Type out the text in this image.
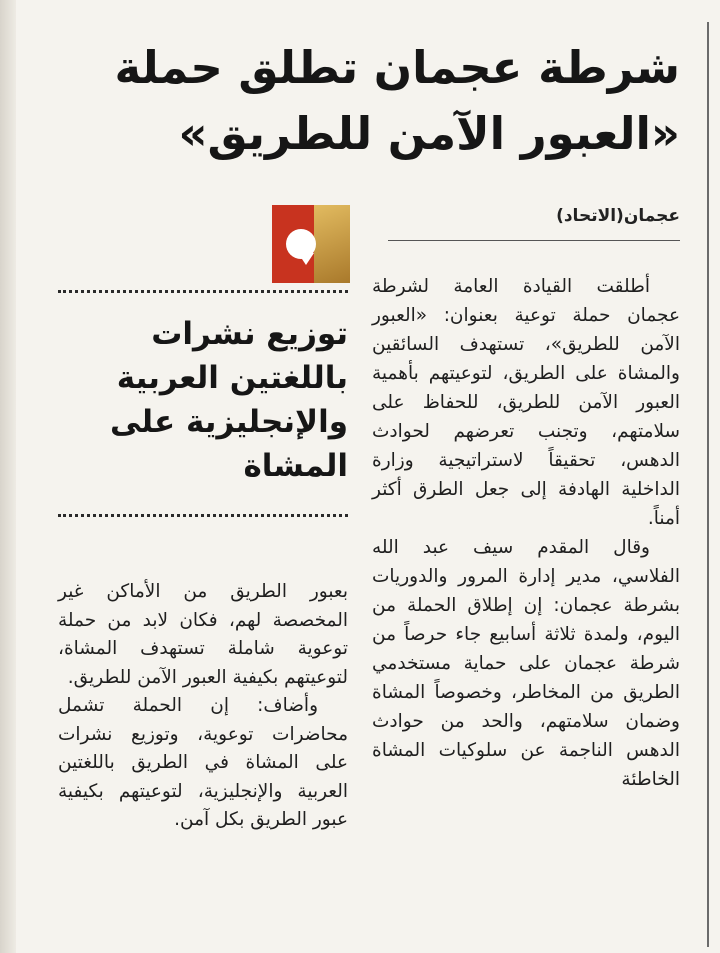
شرطة عجمان تطلق حملة
«العبور الآمن للطريق»
عجمان(الاتحاد)
توزيع نشرات
باللغتين العربية
والإنجليزية على
المشاة

أطلقت القيادة العامة لشرطة عجمان حملة توعية بعنوان: «العبور الآمن للطريق»، تستهدف السائقين والمشاة على الطريق، لتوعيتهم بأهمية العبور الآمن للطريق، للحفاظ على سلامتهم، وتجنب تعرضهم لحوادث الدهس، تحقيقاً لاستراتيجية وزارة الداخلية الهادفة إلى جعل الطرق أكثر أمناً.

وقال المقدم سيف عبد الله الفلاسي، مدير إدارة المرور والدوريات بشرطة عجمان: إن إطلاق الحملة من اليوم، ولمدة ثلاثة أسابيع جاء حرصاً من شرطة عجمان على حماية مستخدمي الطريق من المخاطر، وخصوصاً المشاة وضمان سلامتهم، والحد من حوادث الدهس الناجمة عن سلوكيات المشاة الخاطئة

بعبور الطريق من الأماكن غير المخصصة لهم، فكان لابد من حملة توعوية شاملة تستهدف المشاة، لتوعيتهم بكيفية العبور الآمن للطريق.

وأضاف: إن الحملة تشمل محاضرات توعوية، وتوزيع نشرات على المشاة في الطريق باللغتين العربية والإنجليزية، لتوعيتهم بكيفية عبور الطريق بكل آمن.
